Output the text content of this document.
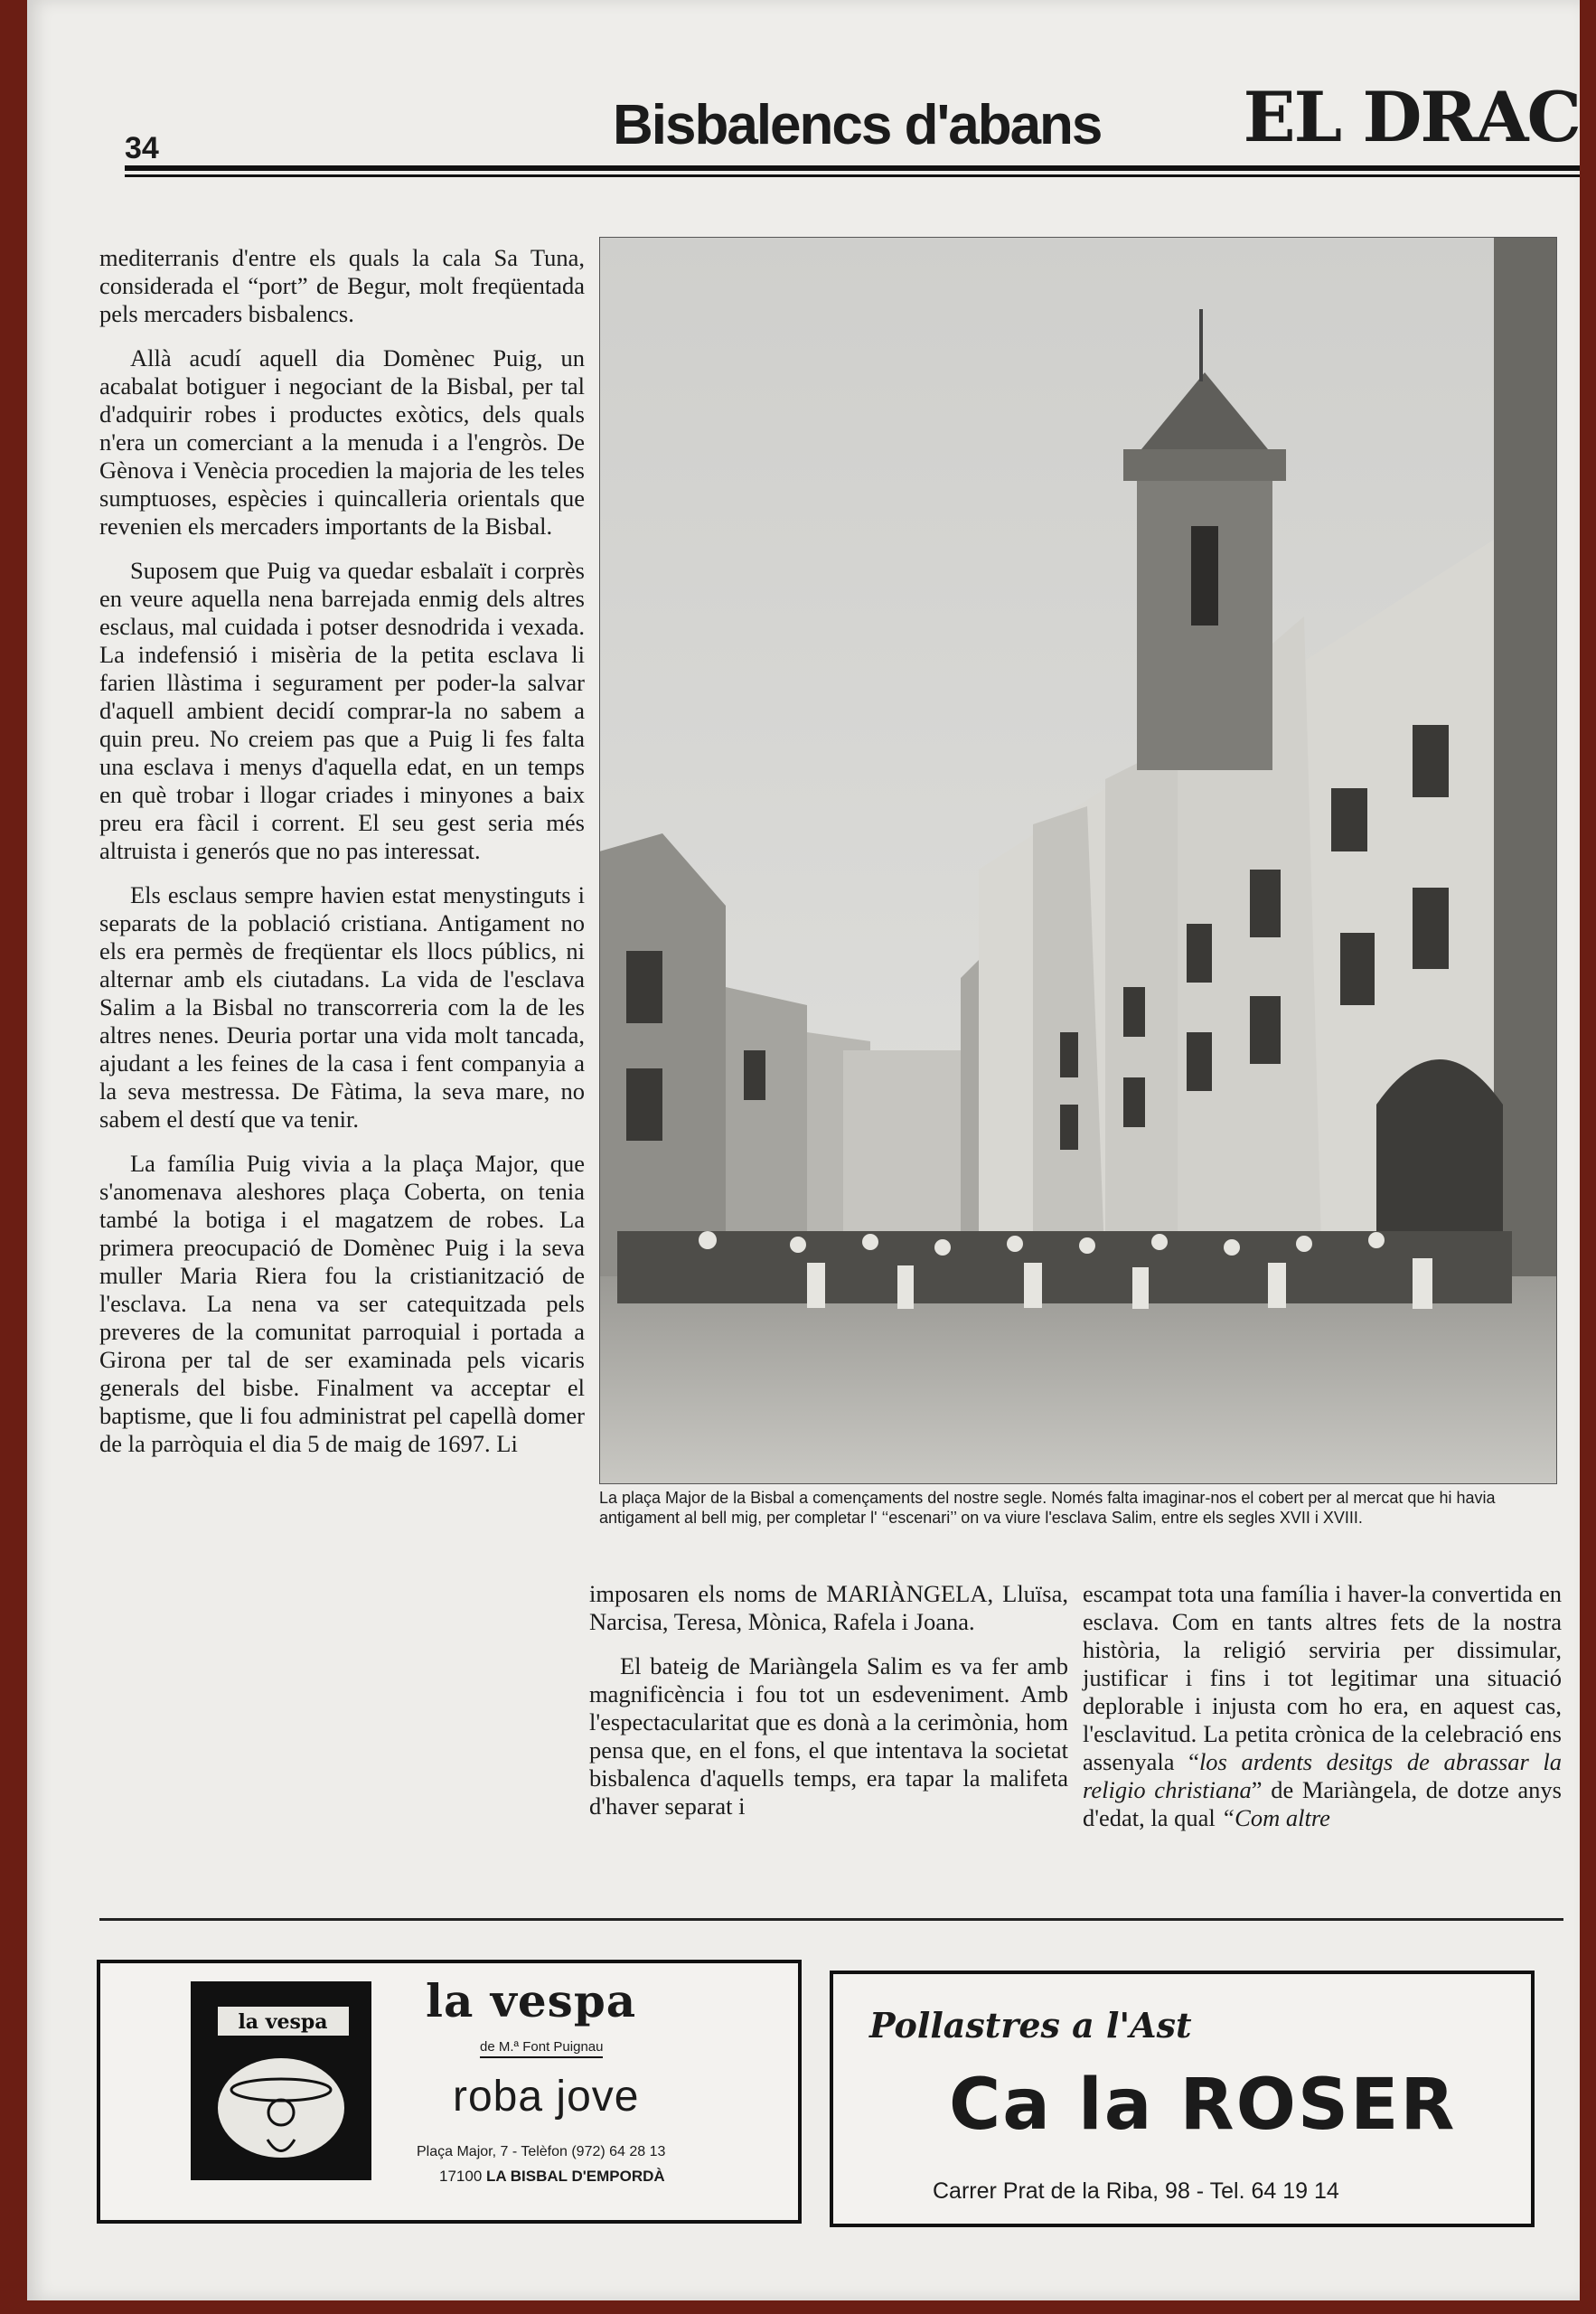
34	Bisbalencs d'abans EL DRAC

mediterranis d'entre els quals la cala Sa Tuna, considerada el “port” de Begur, molt freqüentada pels mercaders bisbalencs.

Allà acudí aquell dia Domènec Puig, un acabalat botiguer i negociant de la Bisbal, per tal d'adquirir robes i productes exòtics, dels quals n'era un comerciant a la menuda i a l'engròs. De Gènova i Venècia procedien la majoria de les teles sumptuoses, espècies i quincalleria orientals que revenien els mercaders importants de la Bisbal.

Suposem que Puig va quedar esbalaït i corprès en veure aquella nena barrejada enmig dels altres esclaus, mal cuidada i potser desnodrida i vexada. La indefensió i misèria de la petita esclava li farien llàstima i segurament per poder-la salvar d'aquell ambient decidí comprar-la no sabem a quin preu. No creiem pas que a Puig li fes falta una esclava i menys d'aquella edat, en un temps en què trobar i llogar criades i minyones a baix preu era fàcil i corrent. El seu gest seria més altruista i generós que no pas interessat.

Els esclaus sempre havien estat menystinguts i separats de la població cristiana. Antigament no els era permès de freqüentar els llocs públics, ni alternar amb els ciutadans. La vida de l'esclava Salim a la Bisbal no transcorreria com la de les altres nenes. Deuria portar una vida molt tancada, ajudant a les feines de la casa i fent companyia a la seva mestressa. De Fàtima, la seva mare, no sabem el destí que va tenir.

La família Puig vivia a la plaça Major, que s'anomenava aleshores plaça Coberta, on tenia també la botiga i el magatzem de robes. La primera preocupació de Domènec Puig i la seva muller Maria Riera fou la cristianització de l'esclava. La nena va ser catequitzada pels preveres de la comunitat parroquial i portada a Girona per tal de ser examinada pels vicaris generals del bisbe. Finalment va acceptar el baptisme, que li fou administrat pel capellà domer de la parròquia el dia 5 de maig de 1697. Li

La plaça Major de la Bisbal a començaments del nostre segle. Només falta imaginar-nos el cobert per al mercat que hi havia antigament al bell mig, per completar l' ‘‘escenari’’ on va viure l'esclava Salim, entre els segles XVII i XVIII.

imposaren els noms de MARIÀNGELA, Lluïsa, Narcisa, Teresa, Mònica, Rafela i Joana.

El bateig de Mariàngela Salim es va fer amb magnificència i fou tot un esdeveniment. Amb l'espectacularitat que es donà a la cerimònia, hom pensa que, en el fons, el que intentava la societat bisbalenca d'aquells temps, era tapar la malifeta d'haver separat i

escampat tota una família i haver-la convertida en esclava. Com en tants altres fets de la nostra història, la religió serviria per dissimular, justificar i fins i tot legitimar una situació deplorable i injusta com ho era, en aquest cas, l'esclavitud. La petita crònica de la celebració ens assenyala “los ardents desitgs de abrassar la religio christiana” de Mariàngela, de dotze anys d'edat, la qual “Com altre

la vespa la vespa
de M.ª Font Puignau
roba jove
Plaça Major, 7 - Telèfon (972) 64 28 13
17100 LA BISBAL D'EMPORDÀ
Pollastres a l'Ast
Ca la ROSER
Carrer Prat de la Riba, 98 - Tel. 64 19 14
